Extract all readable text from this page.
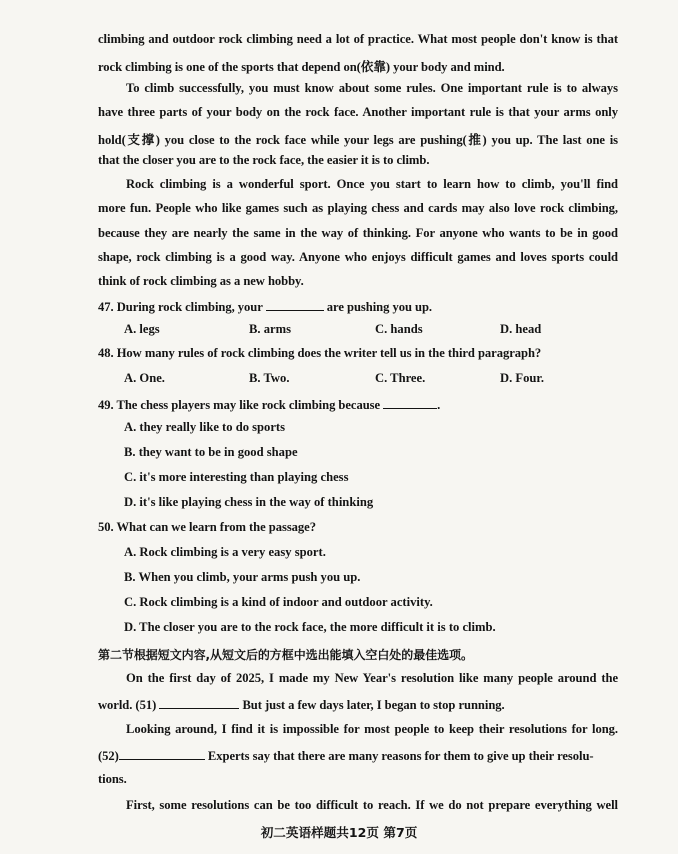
climbing and outdoor rock climbing need a lot of practice. What most people don't know is that
rock climbing is one of the sports that depend on(依靠) your body and mind.
To climb successfully, you must know about some rules. One important rule is to always
have three parts of your body on the rock face. Another important rule is that your arms only
hold(支撑) you close to the rock face while your legs are pushing(推) you up. The last one is
that the closer you are to the rock face, the easier it is to climb.
Rock climbing is a wonderful sport. Once you start to learn how to climb, you'll find
more fun. People who like games such as playing chess and cards may also love rock climbing,
because they are nearly the same in the way of thinking. For anyone who wants to be in good
shape, rock climbing is a good way. Anyone who enjoys difficult games and loves sports could
think of rock climbing as a new hobby.
47. During rock climbing, your	are pushing you up.
A. legs	B. arms	C. hands	D. head
48. How many rules of rock climbing does the writer tell us in the third paragraph?
A. One.	B. Two.	C. Three.	D. Four.
49. The chess players may like rock climbing because	.
A. they really like to do sports
B. they want to be in good shape
C. it's more interesting than playing chess
D. it's like playing chess in the way of thinking
50. What can we learn from the passage?
A. Rock climbing is a very easy sport.
B. When you climb, your arms push you up.
C. Rock climbing is a kind of indoor and outdoor activity.
D. The closer you are to the rock face, the more difficult it is to climb.
第二节根据短文内容,从短文后的方框中选出能填入空白处的最佳选项。
On the first day of 2025, I made my New Year's resolution like many people around the
world. (51)	But just a few days later, I began to stop running.
Looking around, I find it is impossible for most people to keep their resolutions for long.
(52)	Experts say that there are many reasons for them to give up their resolu-
tions.
First, some resolutions can be too difficult to reach. If we do not prepare everything well
初二英语样题共12页 第7页
